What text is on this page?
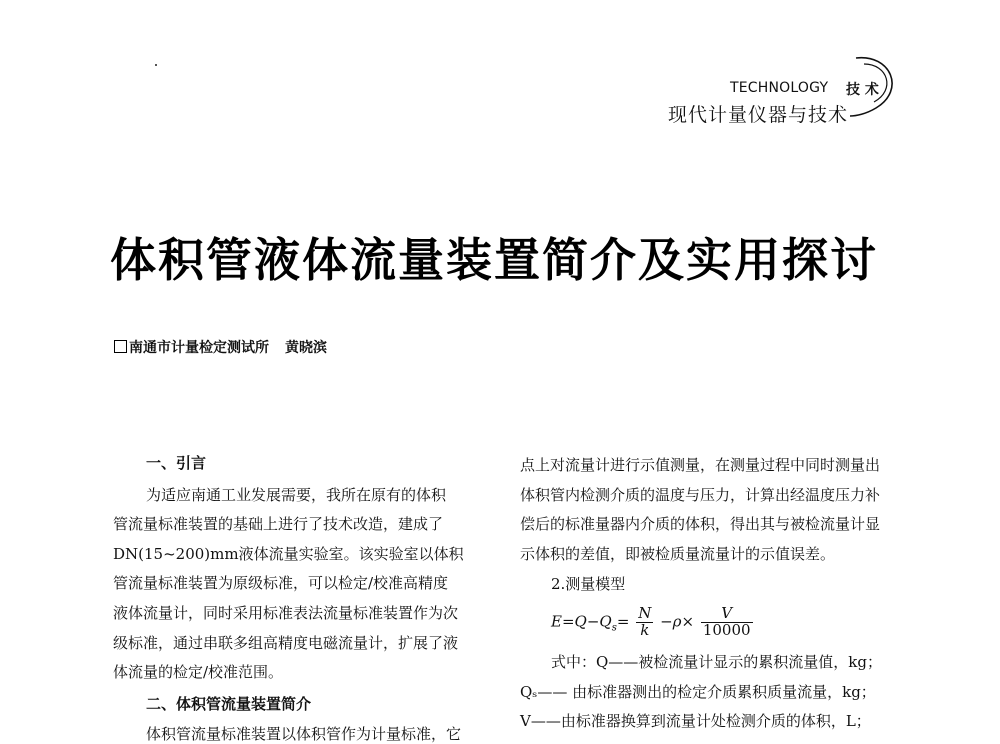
TECHNOLOGY 技 术
现代计量仪器与技术
体积管液体流量装置简介及实用探讨
南通市计量检定测试所 黄晓滨
一、引言
为适应南通工业发展需要，我所在原有的体积
管流量标准装置的基础上进行了技术改造，建成了
DN(15~200)mm液体流量实验室。该实验室以体积
管流量标准装置为原级标准，可以检定/校准高精度
液体流量计，同时采用标准表法流量标准装置作为次
级标准，通过串联多组高精度电磁流量计，扩展了液
体流量的检定/校准范围。
二、体积管流量装置简介
体积管流量标准装置以体积管作为计量标准，它
点上对流量计进行示值测量，在测量过程中同时测量出
体积管内检测介质的温度与压力，计算出经温度压力补
偿后的标准量器内介质的体积，得出其与被检流量计显
示体积的差值，即被检质量流量计的示值误差。
2.测量模型
$E=Q-Q_s= \frac{N}{k} -\rho\times \frac{V}{10000}$
式中：Q——被检流量计显示的累积流量值，kg；
Qₛ—— 由标准器测出的检定介质累积质量流量，kg；
V——由标准器换算到流量计处检测介质的体积，L；
